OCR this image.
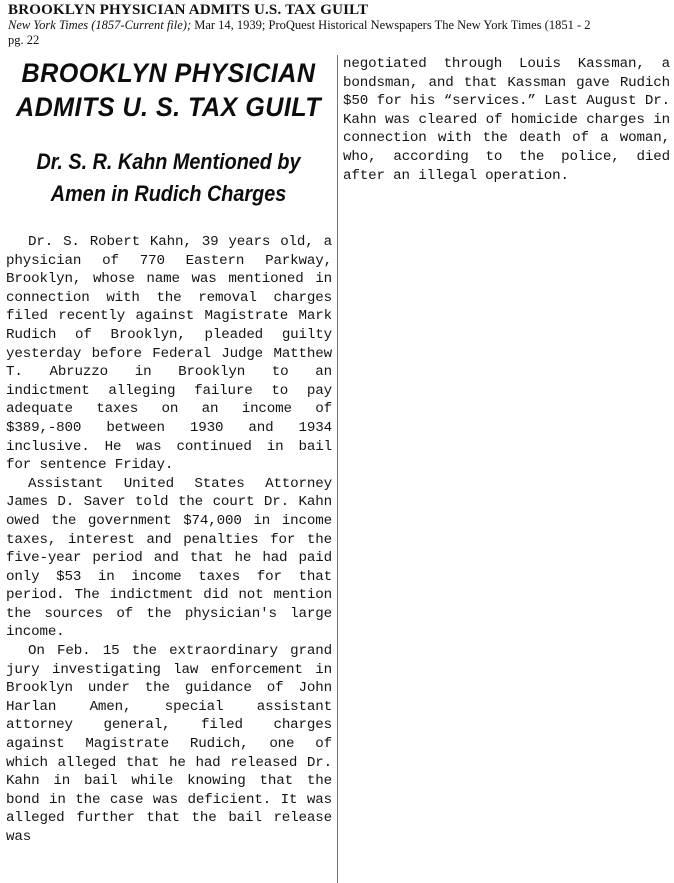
BROOKLYN PHYSICIAN ADMITS U.S. TAX GUILT
New York Times (1857-Current file); Mar 14, 1939; ProQuest Historical Newspapers The New York Times (1851 - 2
pg. 22
BROOKLYN PHYSICIAN
ADMITS U. S. TAX GUILT
Dr. S. R. Kahn Mentioned by
Amen in Rudich Charges

Dr. S. Robert Kahn, 39 years old, a physician of 770 Eastern Parkway, Brooklyn, whose name was mentioned in connection with the removal charges filed recently against Magistrate Mark Rudich of Brooklyn, pleaded guilty yesterday before Federal Judge Matthew T. Abruzzo in Brooklyn to an indictment alleging failure to pay adequate taxes on an income of $389,-800 between 1930 and 1934 inclusive. He was continued in bail for sentence Friday.

Assistant United States Attorney James D. Saver told the court Dr. Kahn owed the government $74,000 in income taxes, interest and penalties for the five-year period and that he had paid only $53 in income taxes for that period. The indictment did not mention the sources of the physician's large income.

On Feb. 15 the extraordinary grand jury investigating law enforcement in Brooklyn under the guidance of John Harlan Amen, special assistant attorney general, filed charges against Magistrate Rudich, one of which alleged that he had released Dr. Kahn in bail while knowing that the bond in the case was deficient. It was alleged further that the bail release was

negotiated through Louis Kassman, a bondsman, and that Kassman gave Rudich $50 for his “services.” Last August Dr. Kahn was cleared of homicide charges in connection with the death of a woman, who, according to the police, died after an illegal operation.
